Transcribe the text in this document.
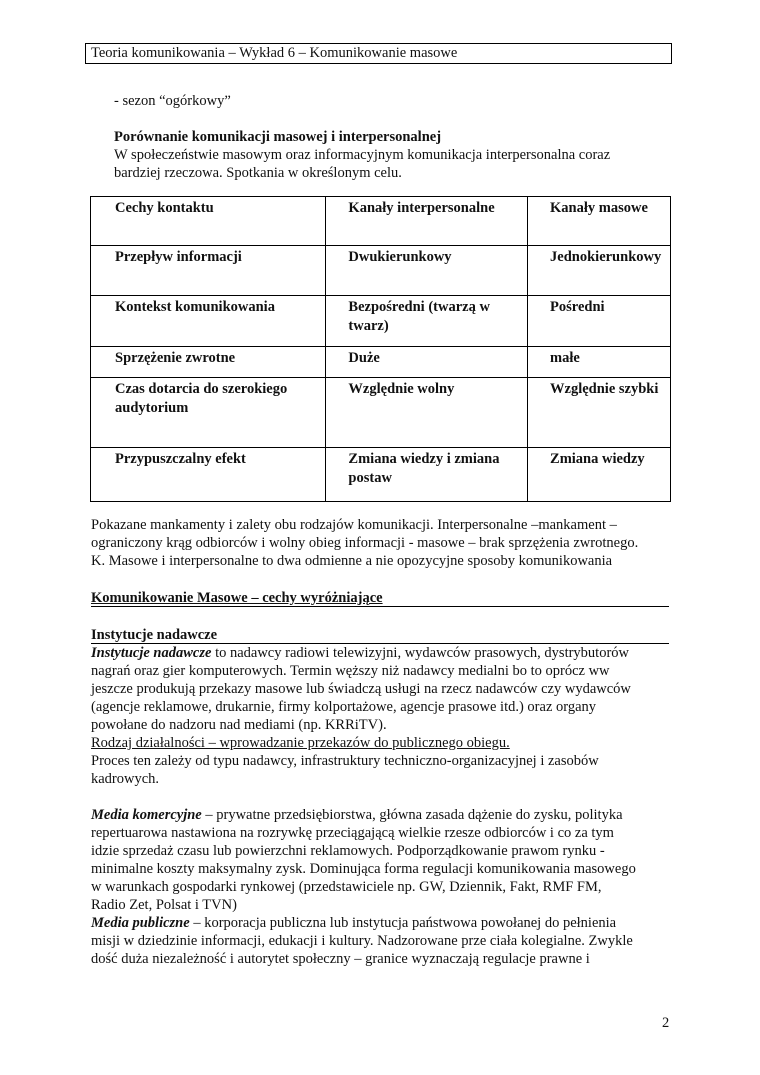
Teoria komunikowania – Wykład 6 – Komunikowanie masowe
- sezon “ogórkowy”
Porównanie komunikacji masowej i interpersonalnej
W społeczeństwie masowym oraz informacyjnym komunikacja interpersonalna coraz
bardziej rzeczowa. Spotkania w określonym celu.
Cechy kontaktu	Kanały interpersonalne	Kanały masowe
Przepływ informacji	Dwukierunkowy	Jednokierunkowy
Kontekst komunikowania	Bezpośredni (twarzą w twarz)	Pośredni
Sprzężenie zwrotne	Duże	małe
Czas dotarcia do szerokiego audytorium	Względnie wolny	Względnie szybki
Przypuszczalny efekt	Zmiana wiedzy i zmiana postaw	Zmiana wiedzy
Pokazane mankamenty i zalety obu rodzajów komunikacji. Interpersonalne –mankament –
ograniczony krąg odbiorców i wolny obieg informacji - masowe – brak sprzężenia zwrotnego.
K. Masowe i interpersonalne to dwa odmienne a nie opozycyjne sposoby komunikowania
Komunikowanie Masowe – cechy wyróżniające
Instytucje nadawcze
Instytucje nadawcze to nadawcy radiowi telewizyjni, wydawców prasowych, dystrybutorów
nagrań oraz gier komputerowych. Termin węższy niż nadawcy medialni bo to oprócz ww
jeszcze produkują przekazy masowe lub świadczą usługi na rzecz nadawców czy wydawców
(agencje reklamowe, drukarnie, firmy kolportażowe, agencje prasowe itd.) oraz organy
powołane do nadzoru nad mediami (np. KRRiTV).
Rodzaj działalności – wprowadzanie przekazów do publicznego obiegu.
Proces ten zależy od typu nadawcy, infrastruktury techniczno-organizacyjnej i zasobów
kadrowych.
Media komercyjne – prywatne przedsiębiorstwa, główna zasada dążenie do zysku, polityka
repertuarowa nastawiona na rozrywkę przeciągającą wielkie rzesze odbiorców i co za tym
idzie sprzedaż czasu lub powierzchni reklamowych. Podporządkowanie prawom rynku -
minimalne koszty maksymalny zysk. Dominująca forma regulacji komunikowania masowego
w warunkach gospodarki rynkowej (przedstawiciele np. GW, Dziennik, Fakt, RMF FM,
Radio Zet, Polsat i TVN)
Media publiczne – korporacja publiczna lub instytucja państwowa powołanej do pełnienia
misji w dziedzinie informacji, edukacji i kultury. Nadzorowane prze ciała kolegialne. Zwykle
dość duża niezależność i autorytet społeczny – granice wyznaczają regulacje prawne i
2
